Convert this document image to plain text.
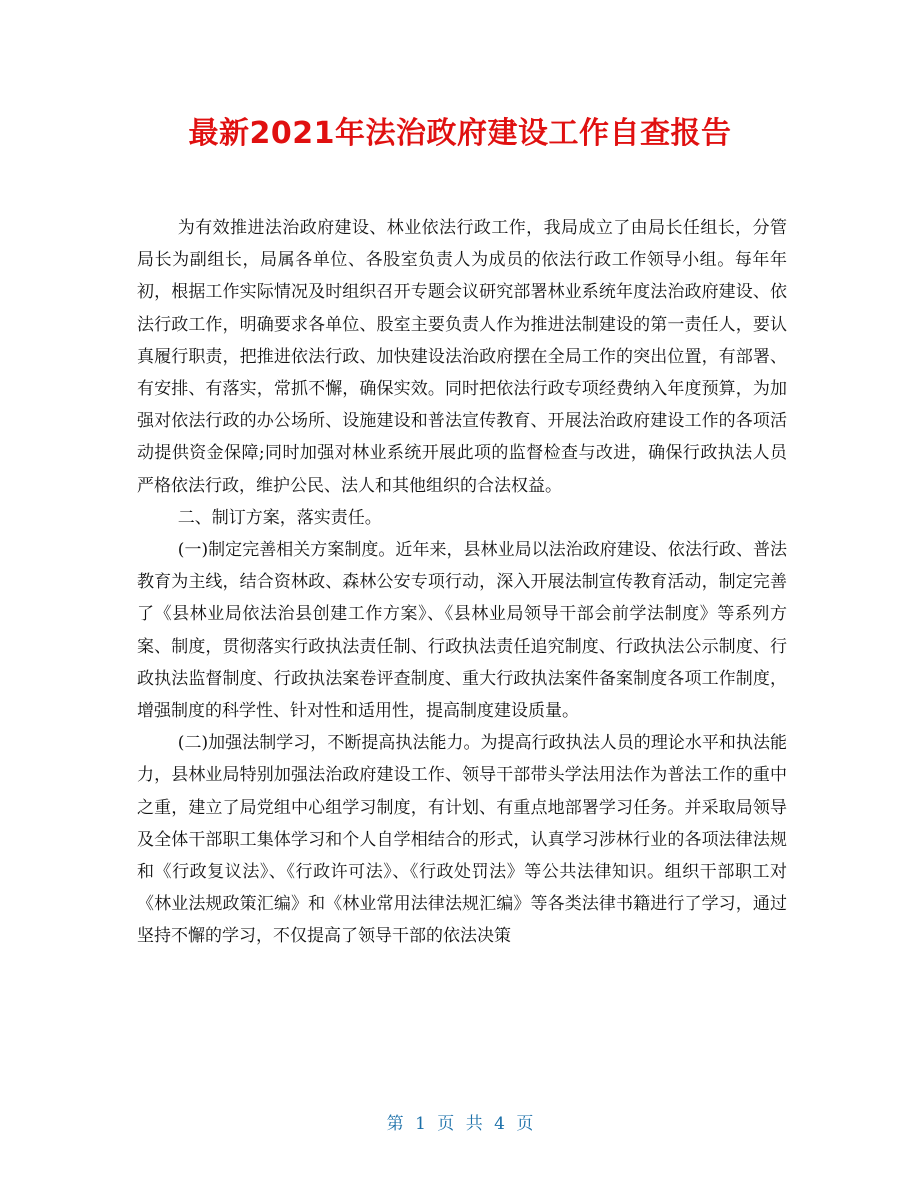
最新2021年法治政府建设工作自查报告

为有效推进法治政府建设、林业依法行政工作，我局成立了由局长任组长，分管局长为副组长，局属各单位、各股室负责人为成员的依法行政工作领导小组。每年年初，根据工作实际情况及时组织召开专题会议研究部署林业系统年度法治政府建设、依法行政工作，明确要求各单位、股室主要负责人作为推进法制建设的第一责任人，要认真履行职责，把推进依法行政、加快建设法治政府摆在全局工作的突出位置，有部署、有安排、有落实，常抓不懈，确保实效。同时把依法行政专项经费纳入年度预算，为加强对依法行政的办公场所、设施建设和普法宣传教育、开展法治政府建设工作的各项活动提供资金保障;同时加强对林业系统开展此项的监督检查与改进，确保行政执法人员严格依法行政，维护公民、法人和其他组织的合法权益。

二、制订方案，落实责任。

(一)制定完善相关方案制度。近年来，县林业局以法治政府建设、依法行政、普法教育为主线，结合资林政、森林公安专项行动，深入开展法制宣传教育活动，制定完善了《县林业局依法治县创建工作方案》、《县林业局领导干部会前学法制度》等系列方案、制度，贯彻落实行政执法责任制、行政执法责任追究制度、行政执法公示制度、行政执法监督制度、行政执法案卷评查制度、重大行政执法案件备案制度各项工作制度，增强制度的科学性、针对性和适用性，提高制度建设质量。

(二)加强法制学习，不断提高执法能力。为提高行政执法人员的理论水平和执法能力，县林业局特别加强法治政府建设工作、领导干部带头学法用法作为普法工作的重中之重，建立了局党组中心组学习制度，有计划、有重点地部署学习任务。并采取局领导及全体干部职工集体学习和个人自学相结合的形式，认真学习涉林行业的各项法律法规和《行政复议法》、《行政许可法》、《行政处罚法》等公共法律知识。组织干部职工对《林业法规政策汇编》和《林业常用法律法规汇编》等各类法律书籍进行了学习，通过坚持不懈的学习，不仅提高了领导干部的依法决策

第 1 页 共 4 页
